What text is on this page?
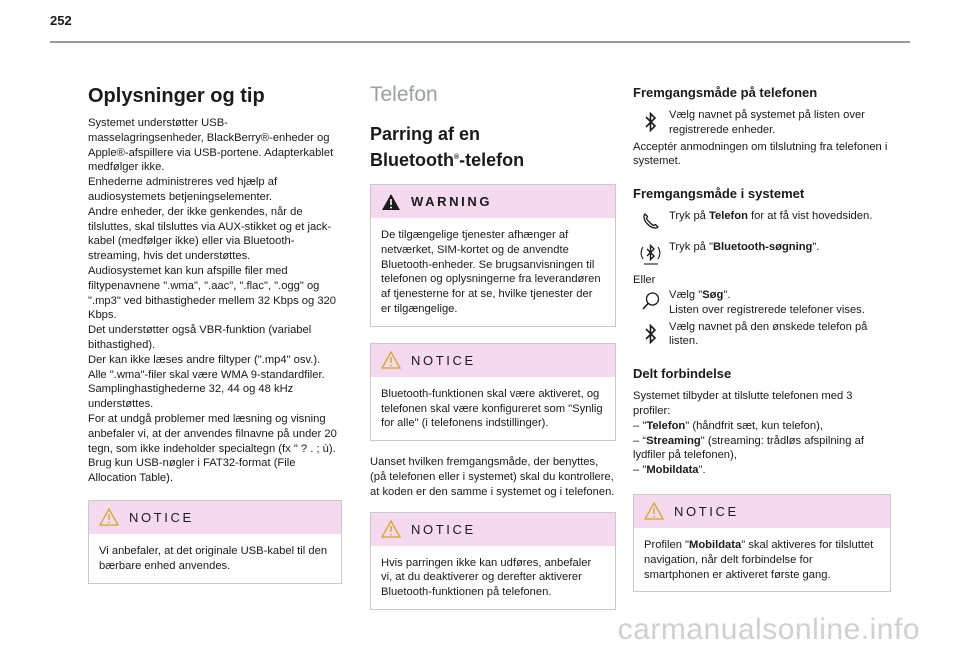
252
Oplysninger og tip
Systemet understøtter USB-masselagringsenheder, BlackBerry®-enheder og Apple®-afspillere via USB-portene. Adapterkablet medfølger ikke.
Enhederne administreres ved hjælp af audiosystemets betjeningselementer.
Andre enheder, der ikke genkendes, når de tilsluttes, skal tilsluttes via AUX-stikket og et jack-kabel (medfølger ikke) eller via Bluetooth-streaming, hvis det understøttes.
Audiosystemet kan kun afspille filer med filtypenavnene ".wma", ".aac", ".flac", ".ogg" og ".mp3" ved bithastigheder mellem 32 Kbps og 320 Kbps.
Det understøtter også VBR-funktion (variabel bithastighed).
Der kan ikke læses andre filtyper (".mp4" osv.).
Alle ".wma"-filer skal være WMA 9-standardfiler.
Samplinghastighederne 32, 44 og 48 kHz understøttes.
For at undgå problemer med læsning og visning anbefaler vi, at der anvendes filnavne på under 20 tegn, som ikke indeholder specialtegn (fx " ? . ; ù).
Brug kun USB-nøgler i FAT32-format (File Allocation Table).
NOTICE
Vi anbefaler, at det originale USB-kabel til den bærbare enhed anvendes.
Telefon
Parring af en
Bluetooth®-telefon
WARNING
De tilgængelige tjenester afhænger af netværket, SIM-kortet og de anvendte Bluetooth-enheder. Se brugsanvisningen til telefonen og oplysningerne fra leverandøren af tjenesterne for at se, hvilke tjenester der er tilgængelige.
NOTICE
Bluetooth-funktionen skal være aktiveret, og telefonen skal være konfigureret som "Synlig for alle" (i telefonens indstillinger).
Uanset hvilken fremgangsmåde, der benyttes, (på telefonen eller i systemet) skal du kontrollere, at koden er den samme i systemet og i telefonen.
NOTICE
Hvis parringen ikke kan udføres, anbefaler vi, at du deaktiverer og derefter aktiverer Bluetooth-funktionen på telefonen.
Fremgangsmåde på telefonen
Vælg navnet på systemet på listen over registrerede enheder.
Acceptér anmodningen om tilslutning fra telefonen i systemet.
Fremgangsmåde i systemet
Tryk på Telefon for at få vist hovedsiden.
Tryk på "Bluetooth-søgning".
Eller
Vælg "Søg".
Listen over registrerede telefoner vises.
Vælg navnet på den ønskede telefon på listen.
Delt forbindelse
Systemet tilbyder at tilslutte telefonen med 3 profiler:
– "Telefon" (håndfrit sæt, kun telefon),
– “Streaming" (streaming: trådløs afspilning af lydfiler på telefonen),
– "Mobildata".
NOTICE
Profilen "Mobildata" skal aktiveres for tilsluttet navigation, når delt forbindelse for smartphonen er aktiveret første gang.
carmanualsonline.info
